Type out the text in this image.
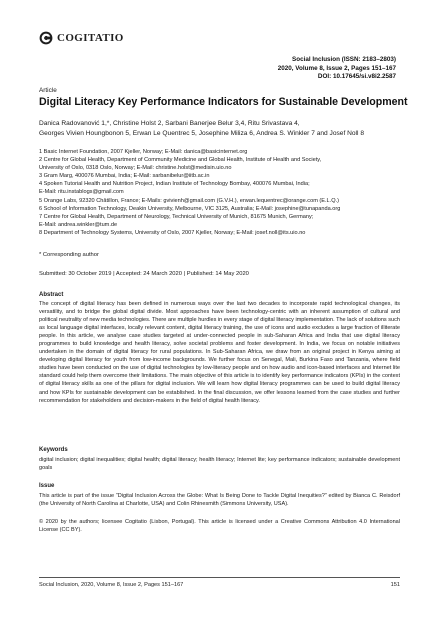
COGITATIO
Social Inclusion (ISSN: 2183–2803)
2020, Volume 8, Issue 2, Pages 151–167
DOI: 10.17645/si.v8i2.2587
Article
Digital Literacy Key Performance Indicators for Sustainable Development
Danica Radovanović 1,*, Christine Holst 2, Sarbani Banerjee Belur 3,4, Ritu Srivastava 4,
Georges Vivien Houngbonon 5, Erwan Le Quentrec 5, Josephine Miliza 6, Andrea S. Winkler 7 and Josef Noll 8
1 Basic Internet Foundation, 2007 Kjeller, Norway; E-Mail: danica@basicinternet.org
2 Centre for Global Health, Department of Community Medicine and Global Health, Institute of Health and Society,
University of Oslo, 0318 Oslo, Norway; E-Mail: christine.holst@medisin.uio.no
3 Gram Marg, 400076 Mumbai, India; E-Mail: sarbanibelur@iitb.ac.in
4 Spoken Tutorial Health and Nutrition Project, Indian Institute of Technology Bombay, 400076 Mumbai, India;
E-Mail: ritu.instablogs@gmail.com
5 Orange Labs, 92320 Châtillon, France; E-Mails: gvivienh@gmail.com (G.V.H.), erwan.lequentrec@orange.com (E.L.Q.)
6 School of Information Technology, Deakin University, Melbourne, VIC 3125, Australia; E-Mail: josephine@tunapanda.org
7 Centre for Global Health, Department of Neurology, Technical University of Munich, 81675 Munich, Germany;
E-Mail: andrea.winkler@tum.de
8 Department of Technology Systems, University of Oslo, 2007 Kjeller, Norway; E-Mail: josef.noll@its.uio.no
* Corresponding author
Submitted: 30 October 2019 | Accepted: 24 March 2020 | Published: 14 May 2020
Abstract
The concept of digital literacy has been defined in numerous ways over the last two decades to incorporate rapid technological changes, its versatility, and to bridge the global digital divide. Most approaches have been technology-centric with an inherent assumption of cultural and political neutrality of new media technologies. There are multiple hurdles in every stage of digital literacy implementation. The lack of solutions such as local language digital interfaces, locally relevant content, digital literacy training, the use of icons and audio excludes a large fraction of illiterate people. In this article, we analyse case studies targeted at under-connected people in sub-Saharan Africa and India that use digital literacy programmes to build knowledge and health literacy, solve societal problems and foster development. In India, we focus on notable initiatives undertaken in the domain of digital literacy for rural populations. In Sub-Saharan Africa, we draw from an original project in Kenya aiming at developing digital literacy for youth from low-income backgrounds. We further focus on Senegal, Mali, Burkina Faso and Tanzania, where field studies have been conducted on the use of digital technologies by low-literacy people and on how audio and icon-based interfaces and Internet lite standard could help them overcome their limitations. The main objective of this article is to identify key performance indicators (KPIs) in the context of digital literacy skills as one of the pillars for digital inclusion. We will learn how digital literacy programmes can be used to build digital literacy and how KPIs for sustainable development can be established. In the final discussion, we offer lessons learned from the case studies and further recommendation for stakeholders and decision-makers in the field of digital health literacy.
Keywords
digital inclusion; digital inequalities; digital health; digital literacy; health literacy; Internet lite; key performance indicators; sustainable development goals
Issue
This article is part of the issue “Digital Inclusion Across the Globe: What Is Being Done to Tackle Digital Inequities?” edited by Bianca C. Reisdorf (the University of North Carolina at Charlotte, USA) and Colin Rhinesmith (Simmons University, USA).
© 2020 by the authors; licensee Cogitatio (Lisbon, Portugal). This article is licensed under a Creative Commons Attribution 4.0 International License (CC BY).
Social Inclusion, 2020, Volume 8, Issue 2, Pages 151–167	151
